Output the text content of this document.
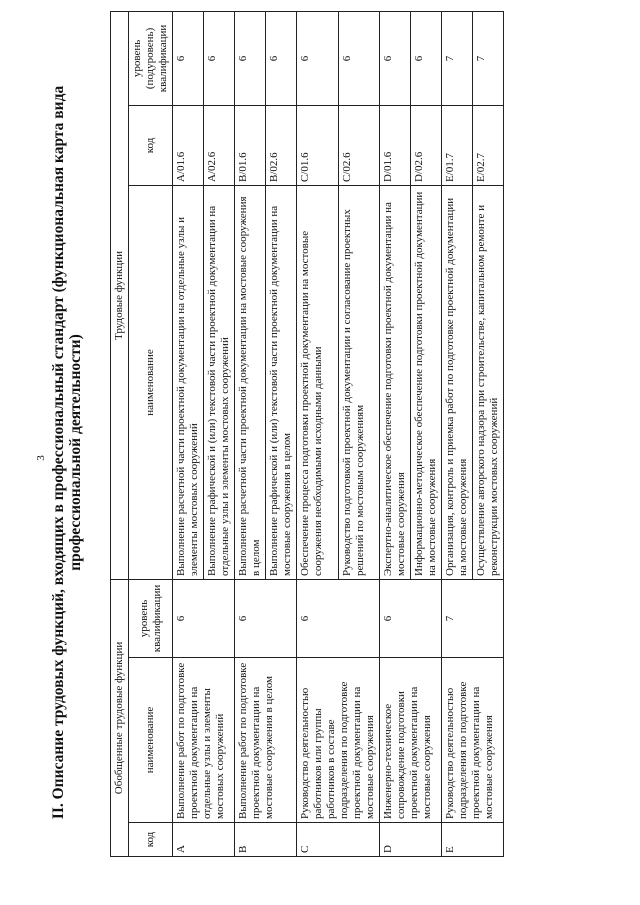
3 II. Описание трудовых функций, входящих в профессиональный стандарт (функциональная карта вида профессиональной деятельности)
Обобщенные трудовые функции			Трудовые функции		
код	наименование	уровень квалификации	наименование	код	уровень (подуровень) квалификации
A	Выполнение работ по подготовке проектной документации на отдельные узлы и элементы мостовых сооружений	6	Выполнение расчетной части проектной документации на отдельные узлы и элементы мостовых сооружений	A/01.6	6
			Выполнение графической и (или) текстовой части проектной документации на отдельные узлы и элементы мостовых сооружений	A/02.6	6
B	Выполнение работ по подготовке проектной документации на мостовые сооружения в целом	6	Выполнение расчетной части проектной документации на мостовые сооружения в целом	B/01.6	6
			Выполнение графической и (или) текстовой части проектной документации на мостовые сооружения в целом	B/02.6	6
C	Руководство деятельностью работников или группы работников в составе подразделения по подготовке проектной документации на мостовые сооружения	6	Обеспечение процесса подготовки проектной документации на мостовые сооружения необходимыми исходными данными	C/01.6	6
			Руководство подготовкой проектной документации и согласование проектных решений по мостовым сооружениям	C/02.6	6
D	Инженерно-техническое сопровождение подготовки проектной документации на мостовые сооружения	6	Экспертно-аналитическое обеспечение подготовки проектной документации на мостовые сооружения	D/01.6	6
			Информационно-методическое обеспечение подготовки проектной документации на мостовые сооружения	D/02.6	6
E	Руководство деятельностью подразделения по подготовке проектной документации на мостовые сооружения	7	Организация, контроль и приемка работ по подготовке проектной документации на мостовые сооружения	E/01.7	7
			Осуществление авторского надзора при строительстве, капитальном ремонте и реконструкции мостовых сооружений	E/02.7	7
